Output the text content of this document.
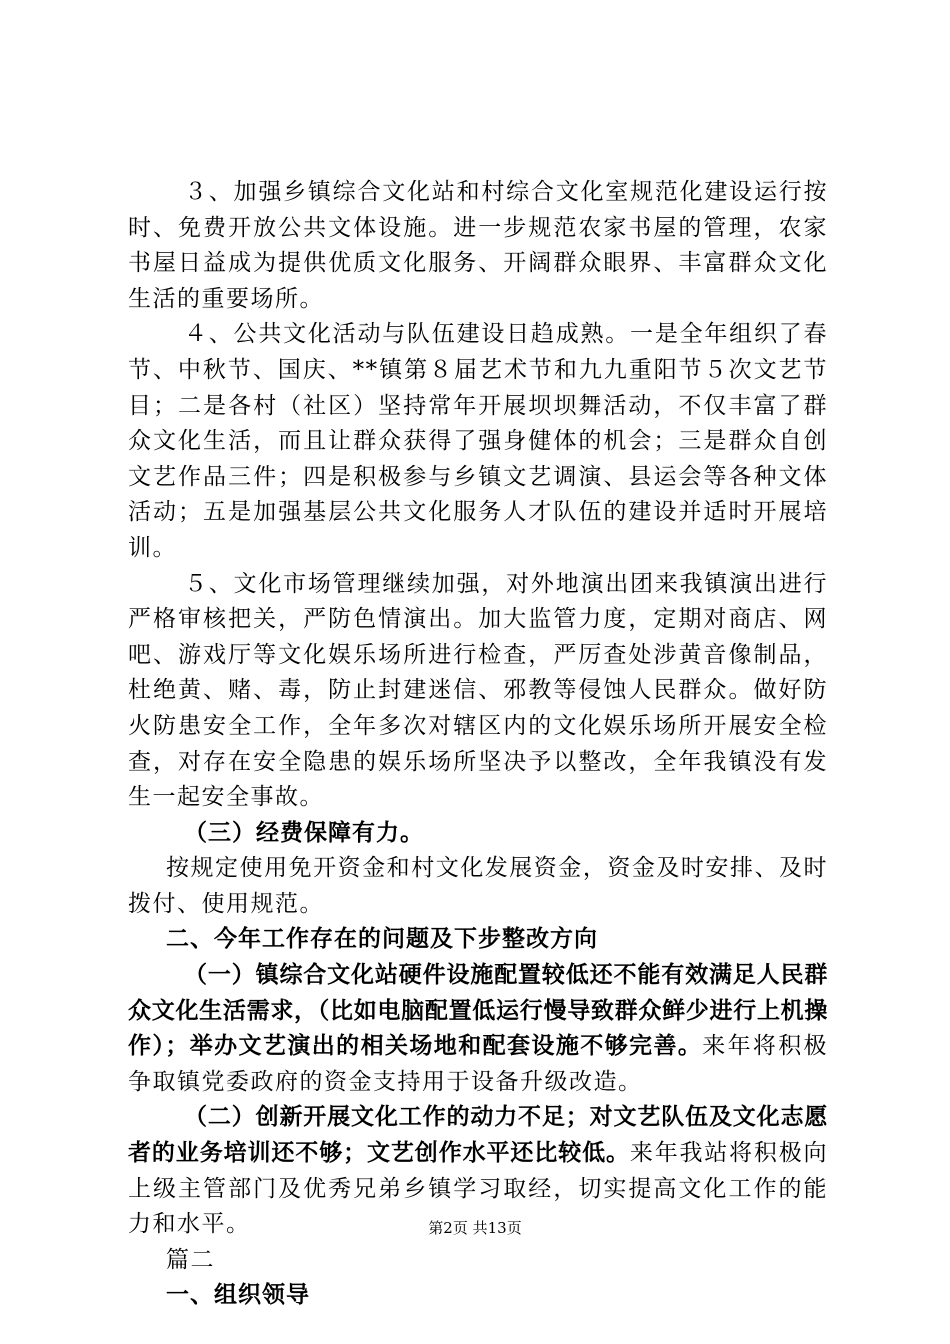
３、加强乡镇综合文化站和村综合文化室规范化建设运行按时、免费开放公共文体设施。进一步规范农家书屋的管理，农家书屋日益成为提供优质文化服务、开阔群众眼界、丰富群众文化生活的重要场所。

４、公共文化活动与队伍建设日趋成熟。一是全年组织了春节、中秋节、国庆、**镇第８届艺术节和九九重阳节５次文艺节目；二是各村（社区）坚持常年开展坝坝舞活动，不仅丰富了群众文化生活，而且让群众获得了强身健体的机会；三是群众自创文艺作品三件；四是积极参与乡镇文艺调演、县运会等各种文体活动；五是加强基层公共文化服务人才队伍的建设并适时开展培训。

５、文化市场管理继续加强，对外地演出团来我镇演出进行严格审核把关，严防色情演出。加大监管力度，定期对商店、网吧、游戏厅等文化娱乐场所进行检查，严厉查处涉黄音像制品，杜绝黄、赌、毒，防止封建迷信、邪教等侵蚀人民群众。做好防火防患安全工作，全年多次对辖区内的文化娱乐场所开展安全检查，对存在安全隐患的娱乐场所坚决予以整改，全年我镇没有发生一起安全事故。

（三）经费保障有力。

按规定使用免开资金和村文化发展资金，资金及时安排、及时拨付、使用规范。

二、今年工作存在的问题及下步整改方向

（一）镇综合文化站硬件设施配置较低还不能有效满足人民群众文化生活需求，（比如电脑配置低运行慢导致群众鲜少进行上机操作）；举办文艺演出的相关场地和配套设施不够完善。来年将积极争取镇党委政府的资金支持用于设备升级改造。

（二）创新开展文化工作的动力不足；对文艺队伍及文化志愿者的业务培训还不够；文艺创作水平还比较低。来年我站将积极向上级主管部门及优秀兄弟乡镇学习取经，切实提高文化工作的能力和水平。

篇二

一、组织领导

第2页 共13页
